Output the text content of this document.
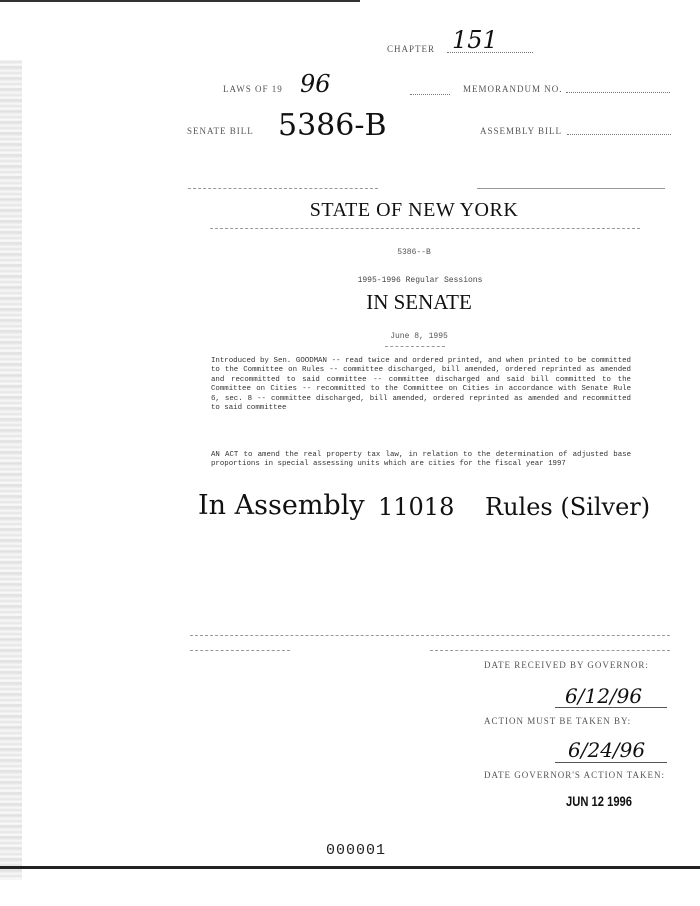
CHAPTER 151
LAWS OF 19 96	MEMORANDUM NO.
SENATE BILL 5386-B	ASSEMBLY BILL
STATE OF NEW YORK
5386--B
1995-1996 Regular Sessions
IN SENATE
June 8, 1995
Introduced by Sen. GOODMAN -- read twice and ordered printed, and when printed to be committed to the Committee on Rules -- committee discharged, bill amended, ordered reprinted as amended and recommitted to said committee -- committee discharged and said bill committed to the Committee on Cities -- recommitted to the Committee on Cities in accordance with Senate Rule 6, sec. 8 -- committee discharged, bill amended, ordered reprinted as amended and recommitted to said committee
AN ACT to amend the real property tax law, in relation to the determination of adjusted base proportions in special assessing units which are cities for the fiscal year 1997
In Assembly 11018 Rules (Silver)
DATE RECEIVED BY GOVERNOR:
6/12/96
ACTION MUST BE TAKEN BY:
6/24/96
DATE GOVERNOR'S ACTION TAKEN:
JUN 12 1996
000001
